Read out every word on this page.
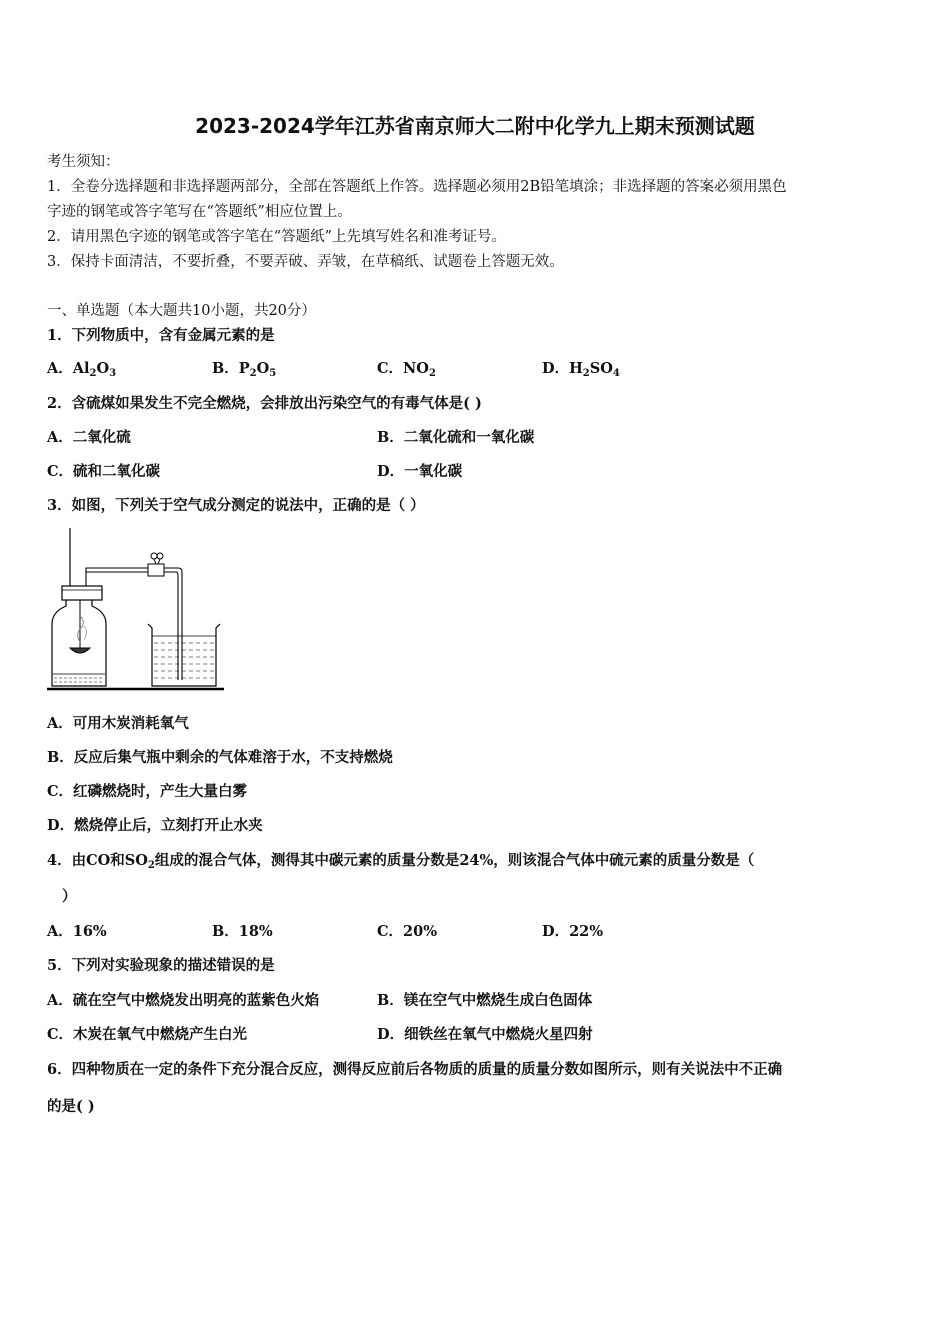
2023-2024学年江苏省南京师大二附中化学九上期末预测试题
考生须知：
1．全卷分选择题和非选择题两部分，全部在答题纸上作答。选择题必须用2B铅笔填涂；非选择题的答案必须用黑色
字迹的钢笔或答字笔写在“答题纸”相应位置上。
2．请用黑色字迹的钢笔或答字笔在“答题纸”上先填写姓名和准考证号。
3．保持卡面清洁，不要折叠，不要弄破、弄皱，在草稿纸、试题卷上答题无效。
一、单选题（本大题共10小题，共20分）
1．下列物质中，含有金属元素的是
A．$Al_2O_3$	B．$P_2O_5$	C．$NO_2$	D．$H_2SO_4$
2．含硫煤如果发生不完全燃烧，会排放出污染空气的有毒气体是( )
A．二氧化硫	B．二氧化硫和一氧化碳
C．硫和二氧化碳	D．一氧化碳
3．如图，下列关于空气成分测定的说法中，正确的是（ ）
A．可用木炭消耗氧气
B．反应后集气瓶中剩余的气体难溶于水，不支持燃烧
C．红磷燃烧时，产生大量白雾
D．燃烧停止后，立刻打开止水夹
4．由CO和$SO_2$组成的混合气体，测得其中碳元素的质量分数是24%，则该混合气体中硫元素的质量分数是（
）
A．16%	B．18%	C．20%	D．22%
5．下列对实验现象的描述错误的是
A．硫在空气中燃烧发出明亮的蓝紫色火焰	B．镁在空气中燃烧生成白色固体
C．木炭在氧气中燃烧产生白光	D．细铁丝在氧气中燃烧火星四射
6．四种物质在一定的条件下充分混合反应，测得反应前后各物质的质量的质量分数如图所示，则有关说法中不正确
的是( )
